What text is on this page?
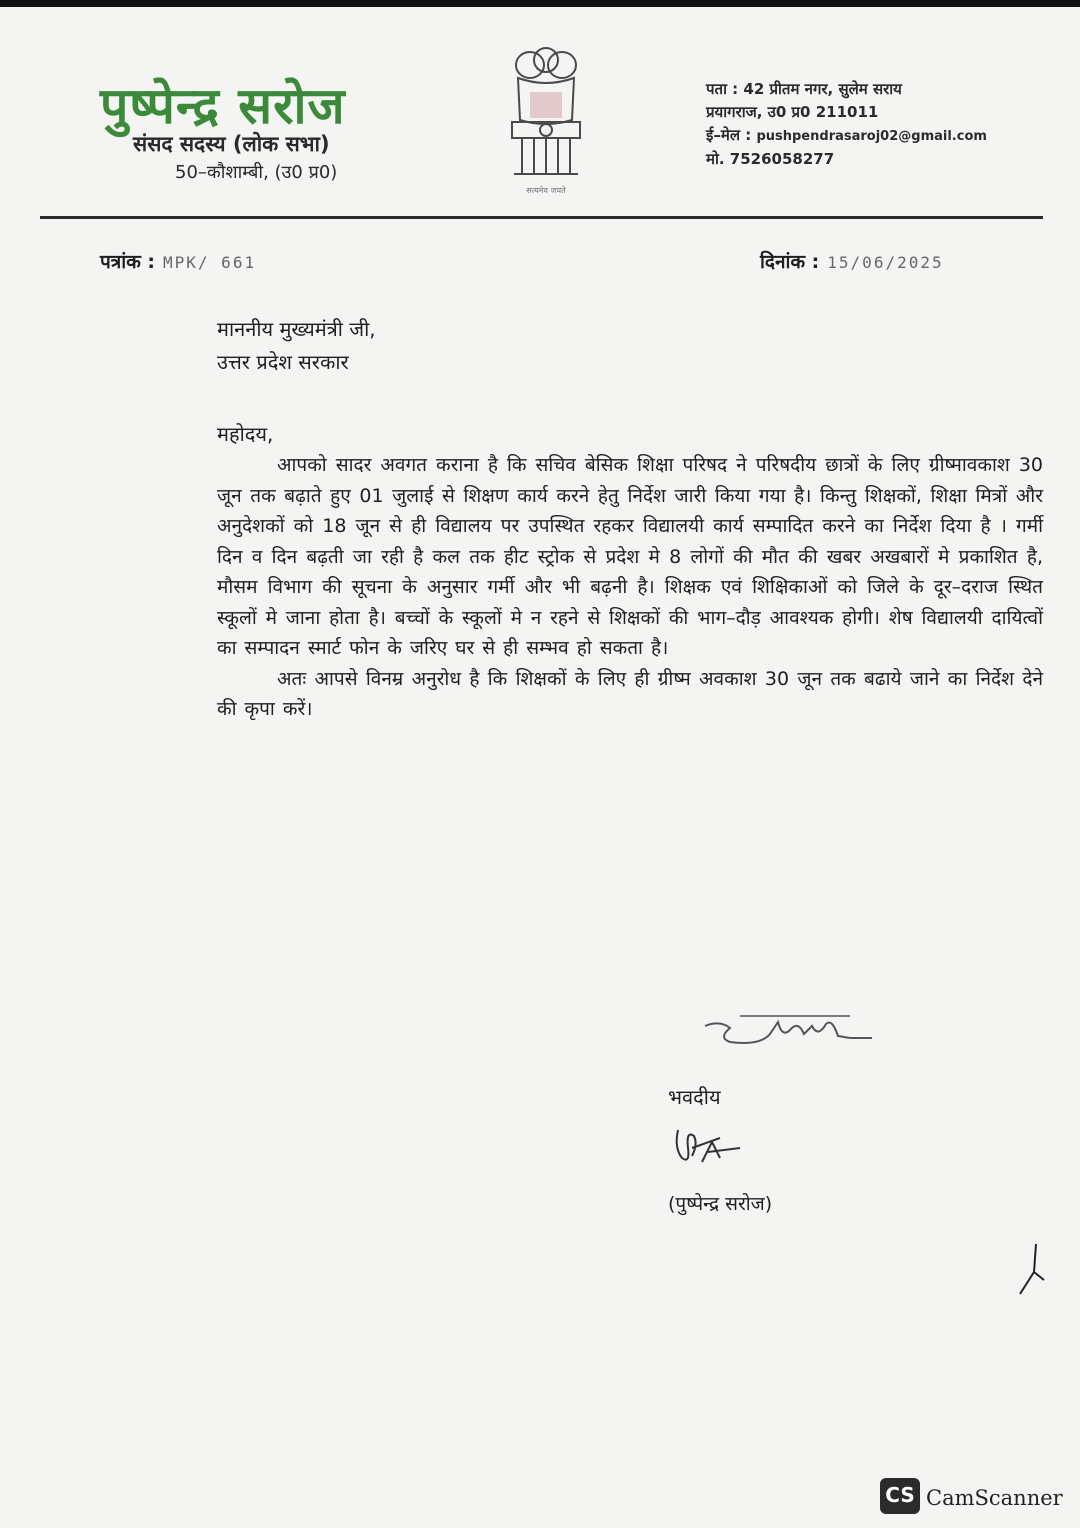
पुष्पेन्द्र सरोज
संसद सदस्य (लोक सभा)
50–कौशाम्बी, (उ0 प्र0)
सत्यमेव जयते
पता : 42 प्रीतम नगर, सुलेम सराय
प्रयागराज, उ0 प्र0 211011
ई–मेल : pushpendrasaroj02@gmail.com
मो. 7526058277
पत्रांक : MPK/ 661	दिनांक : 15/06/2025
माननीय मुख्यमंत्री जी,
उत्तर प्रदेश सरकार
महोदय,

आपको सादर अवगत कराना है कि सचिव बेसिक शिक्षा परिषद ने परिषदीय छात्रों के लिए ग्रीष्मावकाश 30 जून तक बढ़ाते हुए 01 जुलाई से शिक्षण कार्य करने हेतु निर्देश जारी किया गया है। किन्तु शिक्षकों, शिक्षा मित्रों और अनुदेशकों को 18 जून से ही विद्यालय पर उपस्थित रहकर विद्यालयी कार्य सम्पादित करने का निर्देश दिया है । गर्मी दिन व दिन बढ़ती जा रही है कल तक हीट स्ट्रोक से प्रदेश मे 8 लोगों की मौत की खबर अखबारों मे प्रकाशित है, मौसम विभाग की सूचना के अनुसार गर्मी और भी बढ़नी है। शिक्षक एवं शिक्षिकाओं को जिले के दूर–दराज स्थित स्कूलों मे जाना होता है। बच्चों के स्कूलों मे न रहने से शिक्षकों की भाग–दौड़ आवश्यक होगी। शेष विद्यालयी दायित्वों का सम्पादन स्मार्ट फोन के जरिए घर से ही सम्भव हो सकता है।

अतः आपसे विनम्र अनुरोध है कि शिक्षकों के लिए ही ग्रीष्म अवकाश 30 जून तक बढाये जाने का निर्देश देने की कृपा करें।

भवदीय
(पुष्पेन्द्र सरोज)
CS CamScanner
